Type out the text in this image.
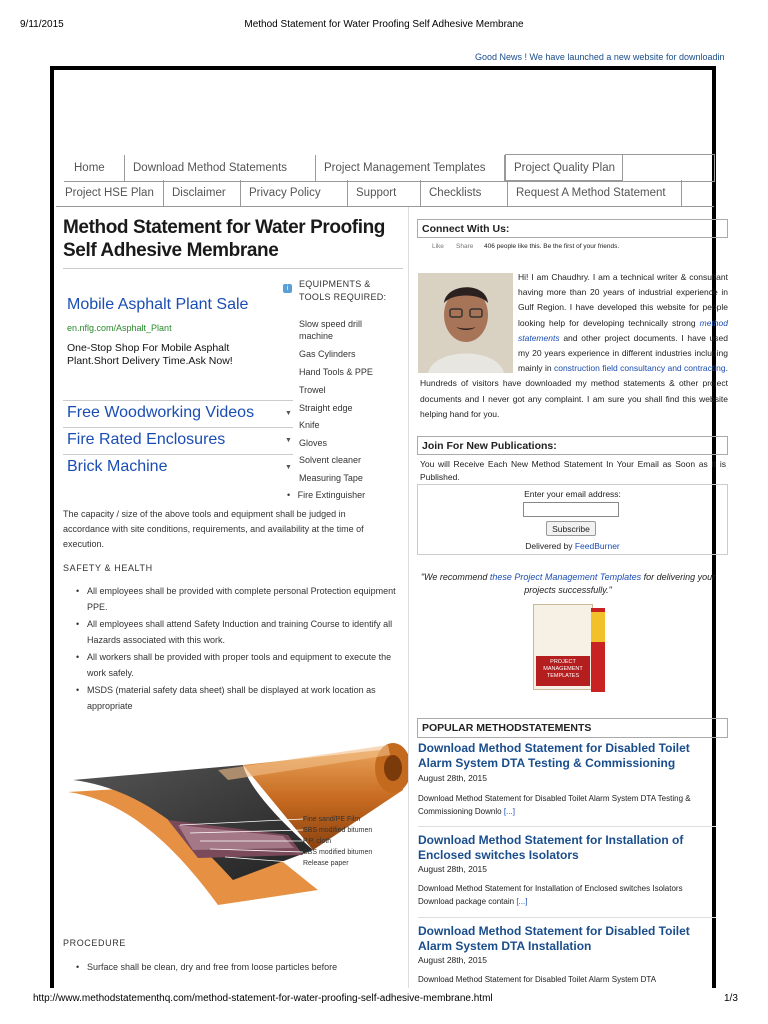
9/11/2015	Method Statement for Water Proofing Self Adhesive Membrane
Good News ! We have launched a new website for downloadin
Home	Download Method Statements	Project Management Templates	Project Quality Plan
Project HSE Plan	Disclaimer	Privacy Policy	Support	Checklists	Request A Method Statement
Method Statement for Water Proofing Self Adhesive Membrane
Mobile Asphalt Plant Sale
en.nflg.com/Asphalt_Plant
One-Stop Shop For Mobile Asphalt Plant.Short Delivery Time.Ask Now!
i
Free Woodworking Videos	▼
Fire Rated Enclosures	▼
Brick Machine	▼
EQUIPMENTS & TOOLS REQUIRED:
Slow speed drill machine
Gas Cylinders
Hand Tools & PPE
Trowel
Straight edge
Knife
Gloves
Solvent cleaner
Measuring Tape
•   Fire Extinguisher
The capacity / size of the above tools and equipment shall be judged in accordance with site conditions, requirements, and availability at the time of execution.
SAFETY & HEALTH
• All employees shall be provided with complete personal Protection equipment PPE.
• All employees shall attend Safety Induction and training Course to identify all Hazards associated with this work.
• All workers shall be provided with proper tools and equipment to execute the work safely.
• MSDS (material safety data sheet) shall be displayed at work location as appropriate
Fine sand/PE Film
SBS modified bitumen
P.P. cloth
SBS modified bitumen
Release paper
PROCEDURE
• Surface shall be clean, dry and free from loose particles before
Connect With Us:
Like Share 406 people like this. Be the first of your friends.
Hi! I am Chaudhry. I am a technical writer & consultant having more than 20 years of industrial experience in Gulf Region. I have developed this website for people looking help for developing technically strong method statements and other project documents. I have used my 20 years experience in different industries including mainly in construction field consultancy and contracting. Hundreds of visitors have downloaded my method statements & other project documents and I never got any complaint. I am sure you shall find this website helping hand for you.
Join For New Publications:
You will Receive Each New Method Statement In Your Email as Soon as It is Published.
Enter your email address:
Subscribe
Delivered by FeedBurner
"We recommend these Project Management Templates for delivering your projects successfully."
PROJECT MANAGEMENT TEMPLATES
POPULAR METHODSTATEMENTS
Download Method Statement for Disabled Toilet Alarm System DTA Testing & Commissioning
August 28th, 2015
Download Method Statement for Disabled Toilet Alarm System DTA Testing & Commissioning Downlo [...]
Download Method Statement for Installation of Enclosed switches Isolators
August 28th, 2015
Download Method Statement for Installation of Enclosed switches Isolators Download package contain [...]
Download Method Statement for Disabled Toilet Alarm System DTA Installation
August 28th, 2015
Download Method Statement for Disabled Toilet Alarm System DTA
http://www.methodstatementhq.com/method-statement-for-water-proofing-self-adhesive-membrane.html	1/3
